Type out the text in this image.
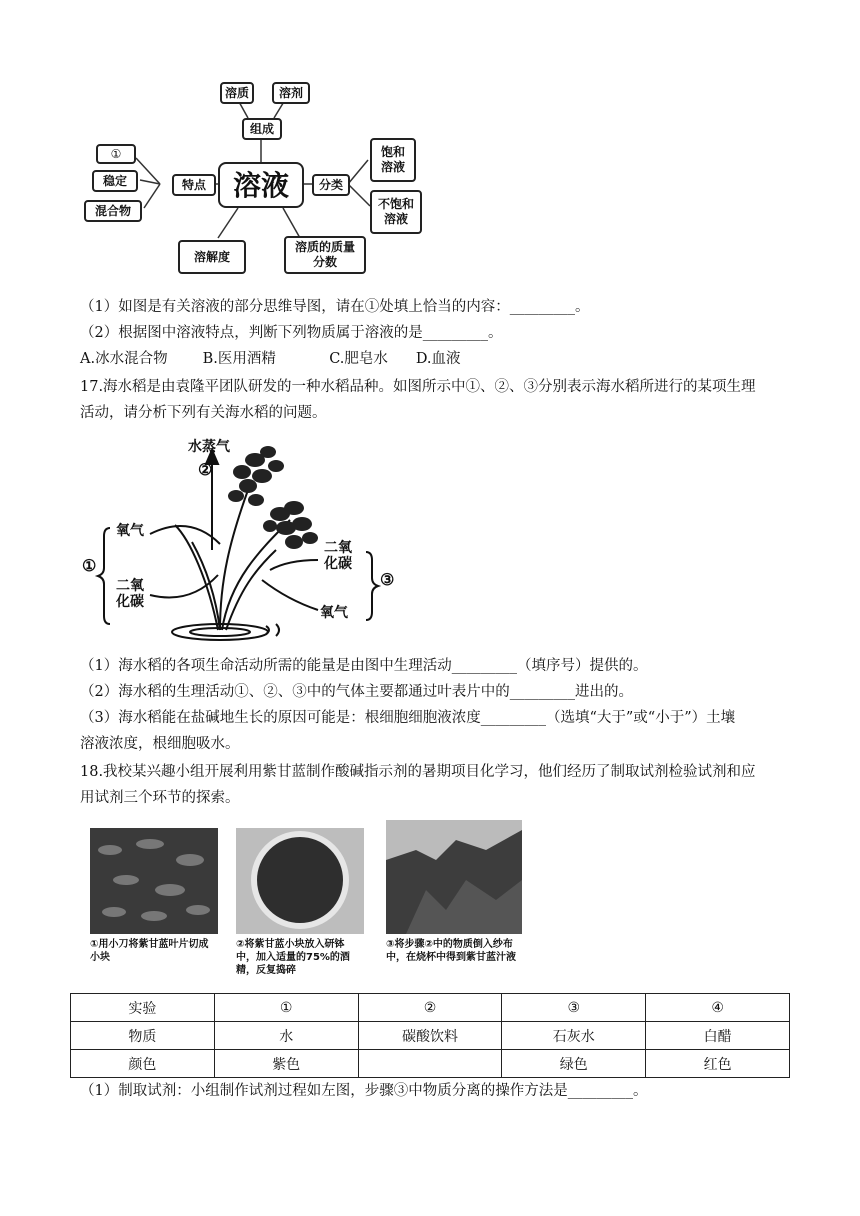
溶质	溶剂
组成
溶液
特点
①
稳定
混合物
分类
饱和溶液
不饱和溶液
溶解度
溶质的质量分数
（1）如图是有关溶液的部分思维导图，请在①处填上恰当的内容：_________。
（2）根据图中溶液特点，判断下列物质属于溶液的是_________。
A.冰水混合物 B.医用酒精	C.肥皂水 D.血液
17.海水稻是由袁隆平团队研发的一种水稻品种。如图所示中①、②、③分别表示海水稻所进行的某项生理
活动，请分析下列有关海水稻的问题。
水蒸气
②
①
氧气
二氧化碳
二氧化碳
氧气
③
（1）海水稻的各项生命活动所需的能量是由图中生理活动_________（填序号）提供的。
（2）海水稻的生理活动①、②、③中的气体主要都通过叶表片中的_________进出的。
（3）海水稻能在盐碱地生长的原因可能是：根细胞细胞液浓度_________（选填“大于”或“小于”）土壤
溶液浓度，根细胞吸水。
18.我校某兴趣小组开展利用紫甘蓝制作酸碱指示剂的暑期项目化学习，他们经历了制取试剂检验试剂和应
用试剂三个环节的探索。
①用小刀将紫甘蓝叶片切成小块
②将紫甘蓝小块放入研钵中，加入适量的75%的酒精，反复捣碎
③将步骤②中的物质倒入纱布中，在烧杯中得到紫甘蓝汁液
实验	①	②	③	④
物质	水	碳酸饮料	石灰水	白醋
颜色	紫色		绿色	红色
（1）制取试剂：小组制作试剂过程如左图，步骤③中物质分离的操作方法是_________。
